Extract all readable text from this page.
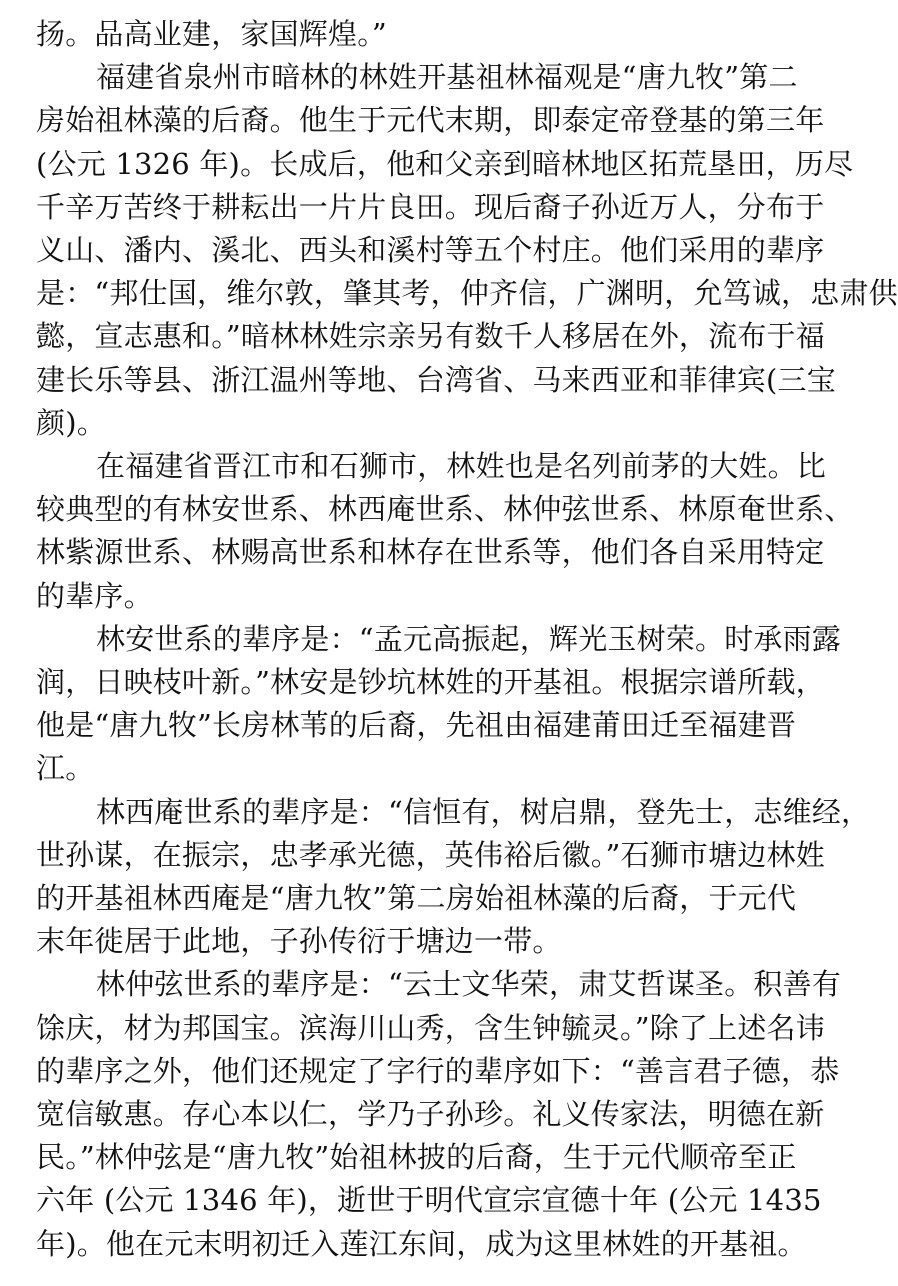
扬。品高业建，家国辉煌。”
福建省泉州市暗林的林姓开基祖林福观是“唐九牧”第二
房始祖林藻的后裔。他生于元代末期，即泰定帝登基的第三年
(公元 1326 年)。长成后，他和父亲到暗林地区拓荒垦田，历尽
千辛万苦终于耕耘出一片片良田。现后裔子孙近万人，分布于
义山、潘内、溪北、西头和溪村等五个村庄。他们采用的辈序
是：“邦仕国，维尔敦，肇其考，仲齐信，广渊明，允笃诚，忠肃供
懿，宣志惠和。”暗林林姓宗亲另有数千人移居在外，流布于福
建长乐等县、浙江温州等地、台湾省、马来西亚和菲律宾(三宝
颜)。
在福建省晋江市和石狮市，林姓也是名列前茅的大姓。比
较典型的有林安世系、林西庵世系、林仲弦世系、林原奄世系、
林紫源世系、林赐高世系和林存在世系等，他们各自采用特定
的辈序。
林安世系的辈序是：“孟元高振起，辉光玉树荣。时承雨露
润，日映枝叶新。”林安是钞坑林姓的开基祖。根据宗谱所载，
他是“唐九牧”长房林苇的后裔，先祖由福建莆田迁至福建晋
江。
林西庵世系的辈序是：“信恒有，树启鼎，登先士，志维经，
世孙谋，在振宗，忠孝承光德，英伟裕后徽。”石狮市塘边林姓
的开基祖林西庵是“唐九牧”第二房始祖林藻的后裔，于元代
末年徙居于此地，子孙传衍于塘边一带。
林仲弦世系的辈序是：“云士文华荣，肃艾哲谋圣。积善有
馀庆，材为邦国宝。滨海川山秀，含生钟毓灵。”除了上述名讳
的辈序之外，他们还规定了字行的辈序如下：“善言君子德，恭
宽信敏惠。存心本以仁，学乃子孙珍。礼义传家法，明德在新
民。”林仲弦是“唐九牧”始祖林披的后裔，生于元代顺帝至正
六年 (公元 1346 年)，逝世于明代宣宗宣德十年 (公元 1435
年)。他在元末明初迁入莲江东间，成为这里林姓的开基祖。
